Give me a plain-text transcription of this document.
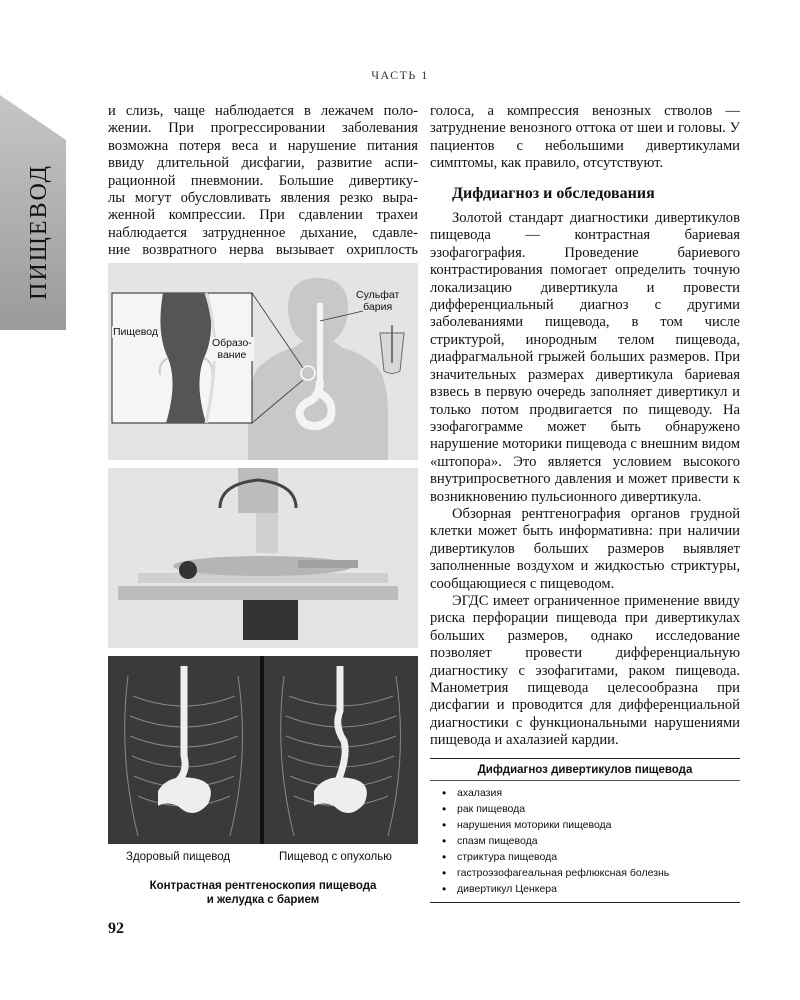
ПИЩЕВОД
ЧАСТЬ 1
и слизь, чаще наблюдается в лежачем поло-
жении. При прогрессировании заболевания
возможна потеря веса и нарушение питания
ввиду длительной дисфагии, развитие аспи-
рационной пневмонии. Большие дивертику-
лы могут обусловливать явления резко выра-
женной компрессии. При сдавлении трахеи
наблюдается затрудненное дыхание, сдавле-
ние возвратного нерва вызывает охриплость

голоса, а компрессия венозных стволов — затруднение венозного оттока от шеи и головы. У пациентов с небольшими дивертикулами симптомы, как правило, отсутствуют.

Дифдиагноз и обследования

Золотой стандарт диагностики дивертикулов пищевода — контрастная бариевая эзофагография. Проведение бариевого контрастирования помогает определить точную локализацию дивертикула и провести дифференциальный диагноз с другими заболеваниями пищевода, в том числе стриктурой, инородным телом пищевода, диафрагмальной грыжей больших размеров. При значительных размерах дивертикула бариевая взвесь в первую очередь заполняет дивертикул и только потом продвигается по пищеводу. На эзофагограмме может быть обнаружено нарушение моторики пищевода с внешним видом «штопора». Это является условием высокого внутрипросветного давления и может привести к возникновению пульсионного дивертикула.

Обзорная рентгенография органов грудной клетки может быть информативна: при наличии дивертикулов больших размеров выявляет заполненные воздухом и жидкостью стриктуры, сообщающиеся с пищеводом.

ЭГДС имеет ограниченное применение ввиду риска перфорации пищевода при дивертикулах больших размеров, однако исследование позволяет провести дифференциальную диагностику с эзофагитами, раком пищевода. Манометрия пищевода целесообразна при дисфагии и проводится для дифференциальной диагностики с функциональными нарушениями пищевода и ахалазией кардии.

Пищевод
Образо-
вание
Сульфат
бария
Здоровый пищевод	Пищевод с опухолью
Контрастная рентгеноскопия пищевода
и желудка с барием
Дифдиагноз дивертикулов пищевода
• ахалазия
• рак пищевода
• нарушения моторики пищевода
• спазм пищевода
• стриктура пищевода
• гастроэзофагеальная рефлюксная болезнь
• дивертикул Ценкера
92
